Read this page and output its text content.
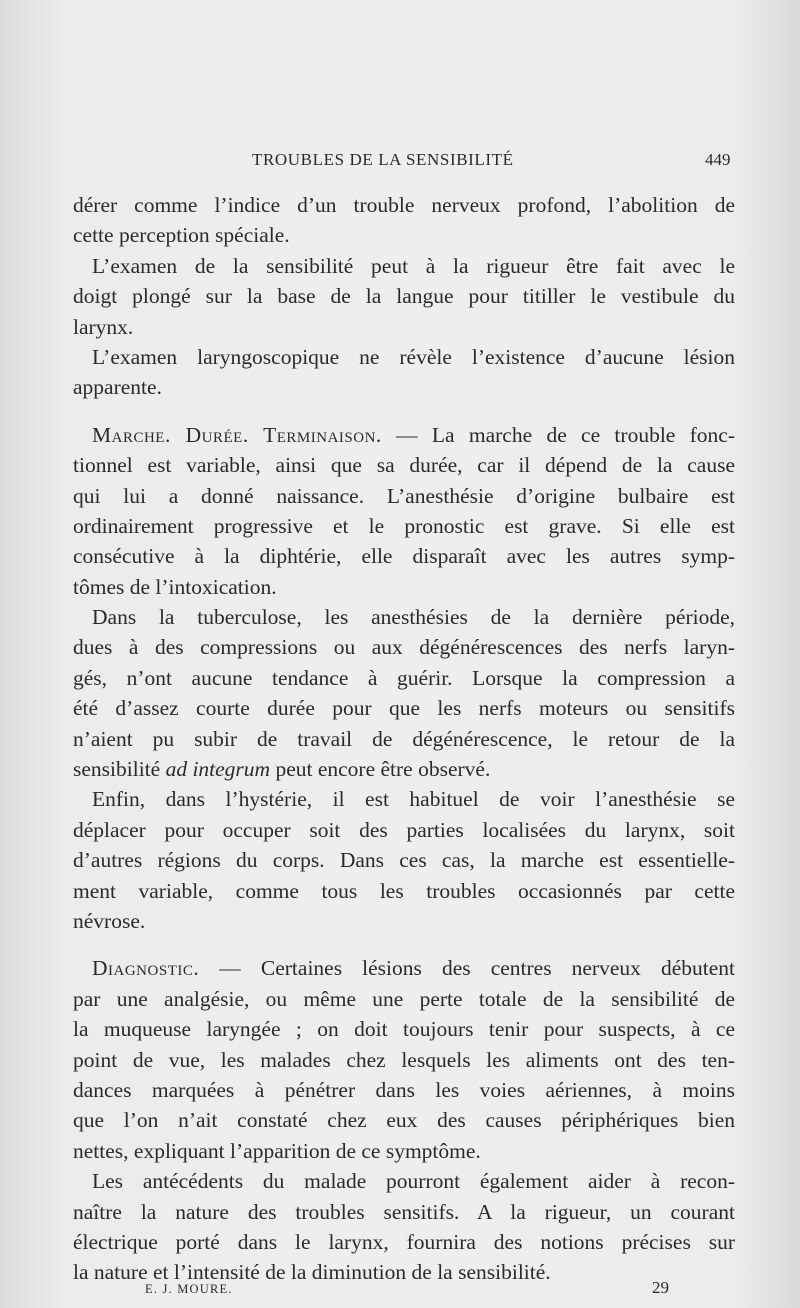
TROUBLES DE LA SENSIBILITÉ	449
dérer comme l’indice d’un trouble nerveux profond, l’abolition de
cette perception spéciale.
L’examen de la sensibilité peut à la rigueur être fait avec le
doigt plongé sur la base de la langue pour titiller le vestibule du
larynx.
L’examen laryngoscopique ne révèle l’existence d’aucune lésion
apparente.
Marche. Durée. Terminaison. — La marche de ce trouble fonc-
tionnel est variable, ainsi que sa durée, car il dépend de la cause
qui lui a donné naissance. L’anesthésie d’origine bulbaire est
ordinairement progressive et le pronostic est grave. Si elle est
consécutive à la diphtérie, elle disparaît avec les autres symp-
tômes de l’intoxication.
Dans la tuberculose, les anesthésies de la dernière période,
dues à des compressions ou aux dégénérescences des nerfs laryn-
gés, n’ont aucune tendance à guérir. Lorsque la compression a
été d’assez courte durée pour que les nerfs moteurs ou sensitifs
n’aient pu subir de travail de dégénérescence, le retour de la
sensibilité ad integrum peut encore être observé.
Enfin, dans l’hystérie, il est habituel de voir l’anesthésie se
déplacer pour occuper soit des parties localisées du larynx, soit
d’autres régions du corps. Dans ces cas, la marche est essentielle-
ment variable, comme tous les troubles occasionnés par cette
névrose.
Diagnostic. — Certaines lésions des centres nerveux débutent
par une analgésie, ou même une perte totale de la sensibilité de
la muqueuse laryngée ; on doit toujours tenir pour suspects, à ce
point de vue, les malades chez lesquels les aliments ont des ten-
dances marquées à pénétrer dans les voies aériennes, à moins
que l’on n’ait constaté chez eux des causes périphériques bien
nettes, expliquant l’apparition de ce symptôme.
Les antécédents du malade pourront également aider à recon-
naître la nature des troubles sensitifs. A la rigueur, un courant
électrique porté dans le larynx, fournira des notions précises sur
la nature et l’intensité de la diminution de la sensibilité.
E. J. MOURE.	29
